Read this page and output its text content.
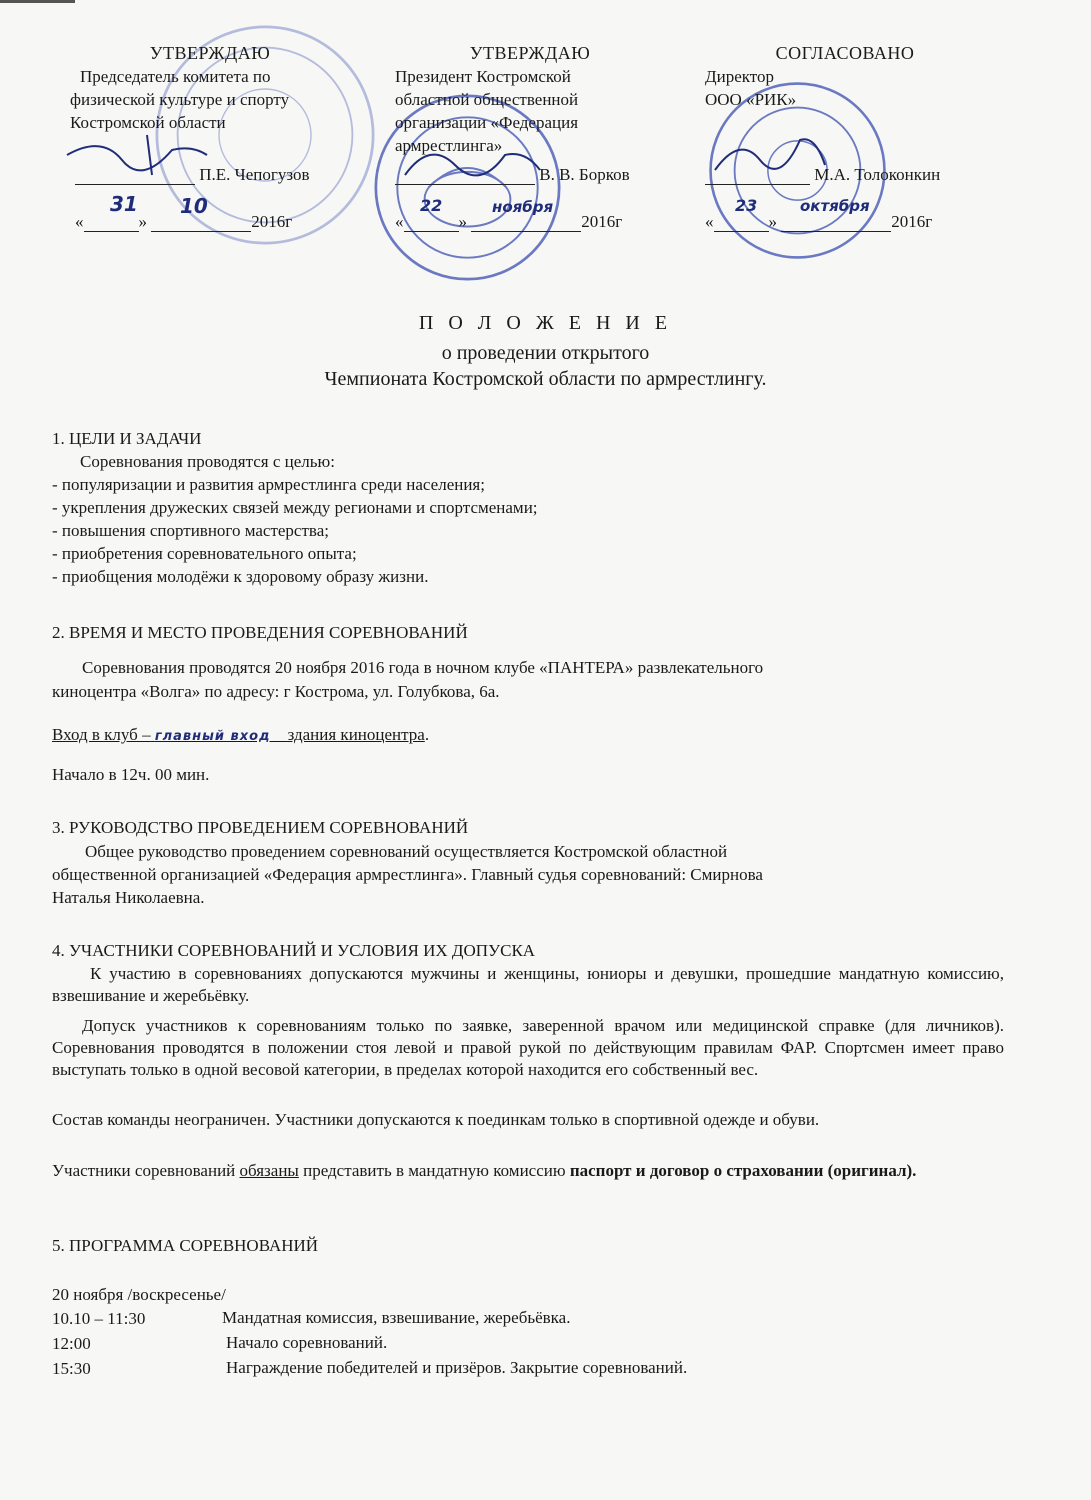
УТВЕРЖДАЮ
Председатель комитета по
физической культуре и спорту
Костромской области
П.Е. Чепогузов
«	»	2016г
31 10
УТВЕРЖДАЮ
Президент Костромской
областной общественной
организации «Федерация
армрестлинга»
В. В. Борков
«	»	2016г
22	ноября
СОГЛАСОВАНО
Директор
ООО «РИК»
М.А. Толоконкин
«	»	2016г
23	октября
П О Л О Ж Е Н И Е
о проведении открытого
Чемпионата Костромской области по армрестлингу.
1. ЦЕЛИ И ЗАДАЧИ
Соревнования проводятся с целью:
- популяризации и развития армрестлинга среди населения;
- укрепления дружеских связей между регионами и спортсменами;
- повышения спортивного мастерства;
- приобретения соревновательного опыта;
- приобщения молодёжи к здоровому образу жизни.
2. ВРЕМЯ И МЕСТО ПРОВЕДЕНИЯ СОРЕВНОВАНИЙ
Соревнования проводятся 20 ноября 2016 года в ночном клубе «ПАНТЕРА» развлекательного
киноцентра «Волга» по адресу: г Кострома, ул. Голубкова, 6а.
Вход в клуб – главный вход здания киноцентра.
Начало в 12ч. 00 мин.
3. РУКОВОДСТВО ПРОВЕДЕНИЕМ СОРЕВНОВАНИЙ
Общее руководство проведением соревнований осуществляется Костромской областной
общественной организацией «Федерация армрестлинга». Главный судья соревнований: Смирнова
Наталья Николаевна.
4. УЧАСТНИКИ СОРЕВНОВАНИЙ И УСЛОВИЯ ИХ ДОПУСКА
К участию в соревнованиях допускаются мужчины и женщины, юниоры и девушки, прошедшие мандатную комиссию, взвешивание и жеребьёвку.
Допуск участников к соревнованиям только по заявке, заверенной врачом или медицинской справке (для личников). Соревнования проводятся в положении стоя левой и правой рукой по действующим правилам ФАР. Спортсмен имеет право выступать только в одной весовой категории, в пределах которой находится его собственный вес.
Состав команды неограничен. Участники допускаются к поединкам только в спортивной одежде и обуви.
Участники соревнований обязаны представить в мандатную комиссию паспорт и договор о страховании (оригинал).
5. ПРОГРАММА СОРЕВНОВАНИЙ
20 ноября /воскресенье/
10.10 – 11:30	Мандатная комиссия, взвешивание, жеребьёвка.
12:00	Начало соревнований.
15:30	Награждение победителей и призёров. Закрытие соревнований.
